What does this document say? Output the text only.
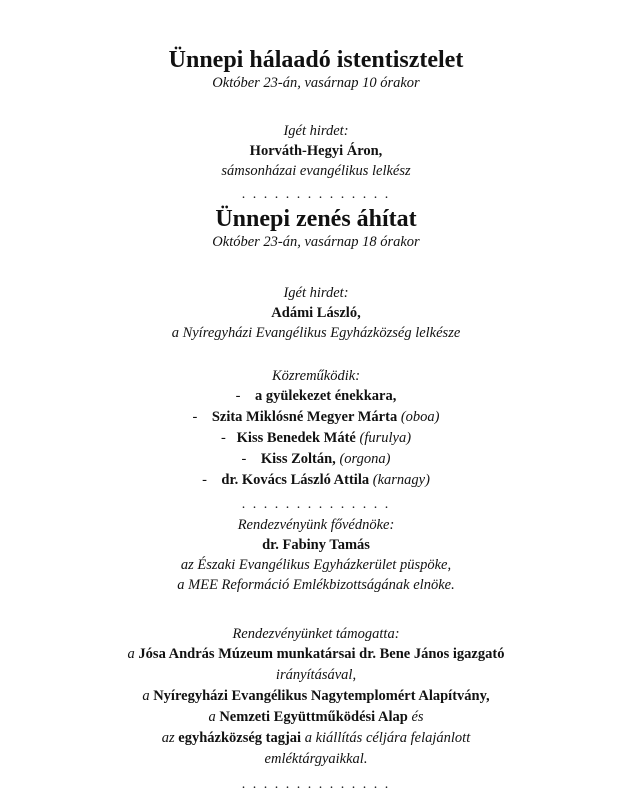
Ünnepi hálaadó istentisztelet

Október 23-án, vasárnap 10 órakor

Igét hirdet:

Horváth-Hegyi Áron,

sámsonházai evangélikus lelkész

. . . . . . . . . . . . . .

Ünnepi zenés áhítat

Október 23-án, vasárnap 18 órakor

Igét hirdet:

Adámi László,

a Nyíregyházi Evangélikus Egyházközség lelkésze

Közreműködik:

- a gyülekezet énekkara,

- Szita Miklósné Megyer Márta (oboa)

- Kiss Benedek Máté (furulya)

- Kiss Zoltán, (orgona)

- dr. Kovács László Attila (karnagy)

. . . . . . . . . . . . . .

Rendezvényünk fővédnöke:

dr. Fabiny Tamás

az Északi Evangélikus Egyházkerület püspöke,

a MEE Reformáció Emlékbizottságának elnöke.

Rendezvényünket támogatta:

a Jósa András Múzeum munkatársai dr. Bene János igazgató

irányításával,

a Nyíregyházi Evangélikus Nagytemplomért Alapítvány,

a Nemzeti Együttműködési Alap és

az egyházközség tagjai a kiállítás céljára felajánlott

emléktárgyaikkal.

. . . . . . . . . . . . . .
